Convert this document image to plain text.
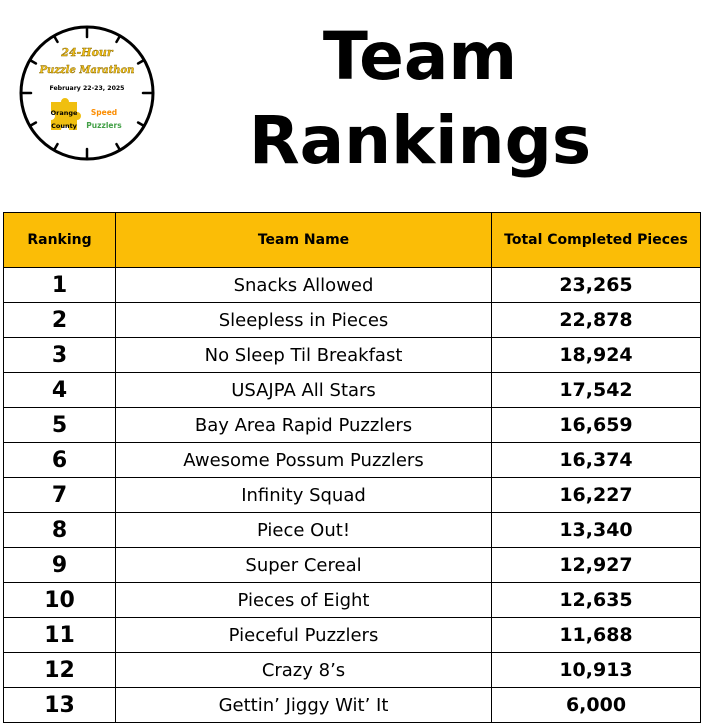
24-Hour
Puzzle Marathon
February 22-23, 2025
Orange
County
Speed
Puzzlers
Team
Rankings
Ranking	Team Name	Total Completed Pieces
1	Snacks Allowed	23,265
2	Sleepless in Pieces	22,878
3	No Sleep Til Breakfast	18,924
4	USAJPA All Stars	17,542
5	Bay Area Rapid Puzzlers	16,659
6	Awesome Possum Puzzlers	16,374
7	Infinity Squad	16,227
8	Piece Out!	13,340
9	Super Cereal	12,927
10	Pieces of Eight	12,635
11	Pieceful Puzzlers	11,688
12	Crazy 8’s	10,913
13	Gettin’ Jiggy Wit’ It	6,000
